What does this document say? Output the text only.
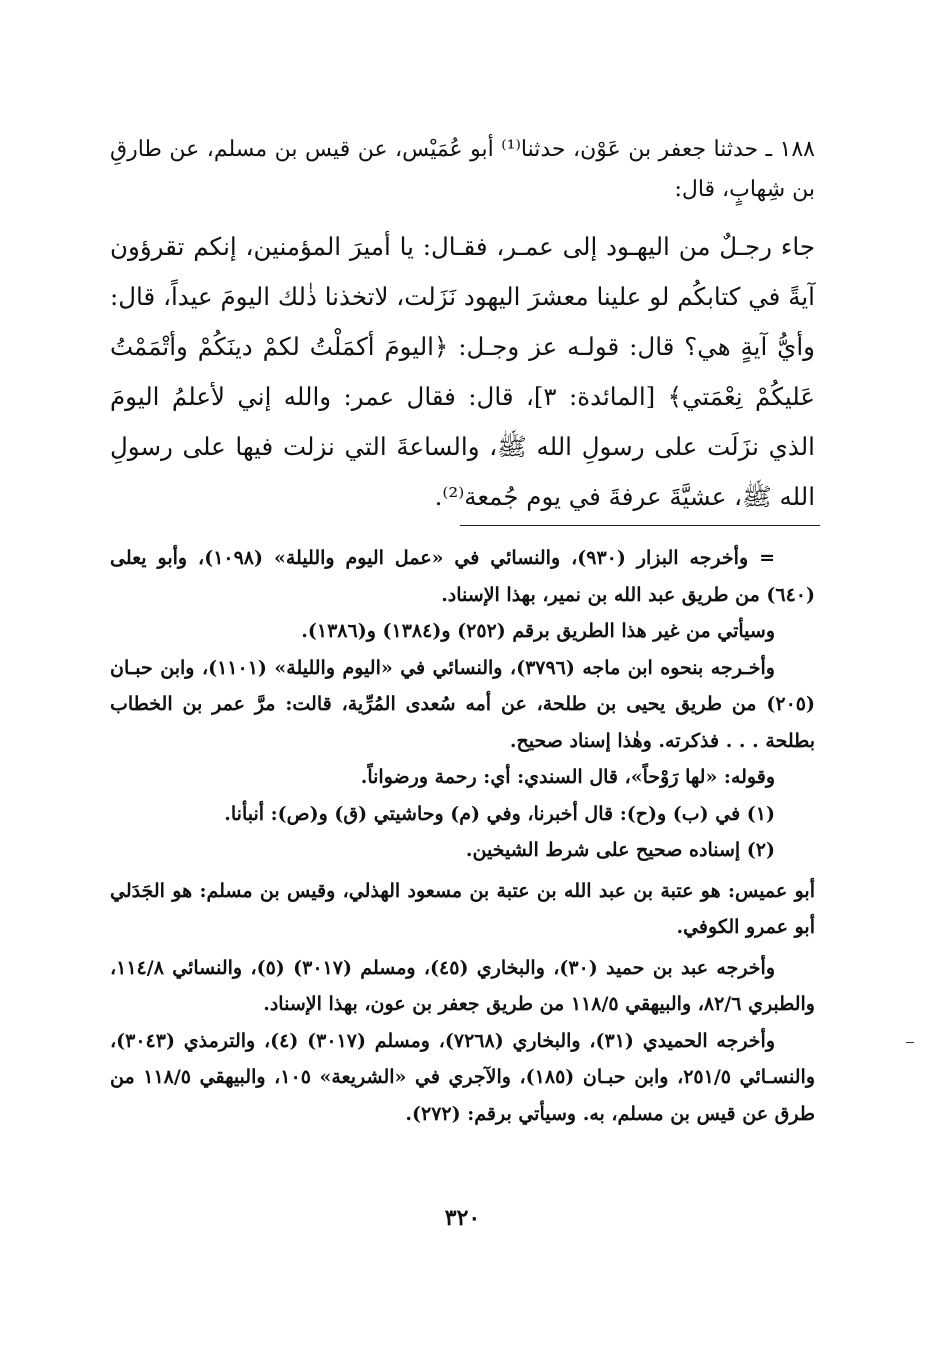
١٨٨ ـ حدثنا جعفر بن عَوْن، حدثنا⁽¹⁾ أبو عُمَيْس، عن قيس بن مسلم، عن طارقِ بن شِهابٍ، قال:
جاء رجـلٌ من اليهـود إلى عمـر، فقـال: يا أميرَ المؤمنين، إنكم تقرؤون آيةً في كتابكُم لو علينا معشرَ اليهود نَزَلت، لاتخذنا ذٰلك اليومَ عيداً، قال: وأيُّ آيةٍ هي؟ قال: قولـه عز وجـل: ﴿اليومَ أكمَلْتُ لكمْ دينَكُمْ وأتْمَمْتُ عَليكُمْ نِعْمَتي﴾ [المائدة: ٣]، قال: فقال عمر: والله إني لأعلمُ اليومَ الذي نزَلَت على رسولِ الله ﷺ، والساعةَ التي نزلت فيها على رسولِ الله ﷺ، عشيَّةَ عرفةَ في يوم جُمعة⁽²⁾.

= وأخرجه البزار (٩٣٠)، والنسائي في «عمل اليوم والليلة» (١٠٩٨)، وأبو يعلى (٦٤٠) من طريق عبد الله بن نمير، بهذا الإسناد.

وسيأتي من غير هذا الطريق برقم (٢٥٢) و(١٣٨٤) و(١٣٨٦).

وأخـرجه بنحوه ابن ماجه (٣٧٩٦)، والنسائي في «اليوم والليلة» (١١٠١)، وابن حبـان (٢٠٥) من طريق يحيى بن طلحة، عن أمه سُعدى المُرِّية، قالت: مرَّ عمر بن الخطاب بطلحة . . . فذكرته. وهٰذا إسناد صحيح.

وقوله: «لها رَوْحاً»، قال السندي: أي: رحمة ورضواناً.

(١) في (ب) و(ح): قال أخبرنا، وفي (م) وحاشيتي (ق) و(ص): أنبأنا.

(٢) إسناده صحيح على شرط الشيخين.

أبو عميس: هو عتبة بن عبد الله بن عتبة بن مسعود الهذلي، وقيس بن مسلم: هو الجَدَلي أبو عمرو الكوفي.

وأخرجه عبد بن حميد (٣٠)، والبخاري (٤٥)، ومسلم (٣٠١٧) (٥)، والنسائي ١١٤/٨، والطبري ٨٢/٦، والبيهقي ١١٨/٥ من طريق جعفر بن عون، بهذا الإسناد.

وأخرجه الحميدي (٣١)، والبخاري (٧٢٦٨)، ومسلم (٣٠١٧) (٤)، والترمذي (٣٠٤٣)، والنسـائي ٢٥١/٥، وابن حبـان (١٨٥)، والآجري في «الشريعة» ١٠٥، والبيهقي ١١٨/٥ من طرق عن قيس بن مسلم، به. وسيأتي برقم: (٢٧٢).

٣٢٠
